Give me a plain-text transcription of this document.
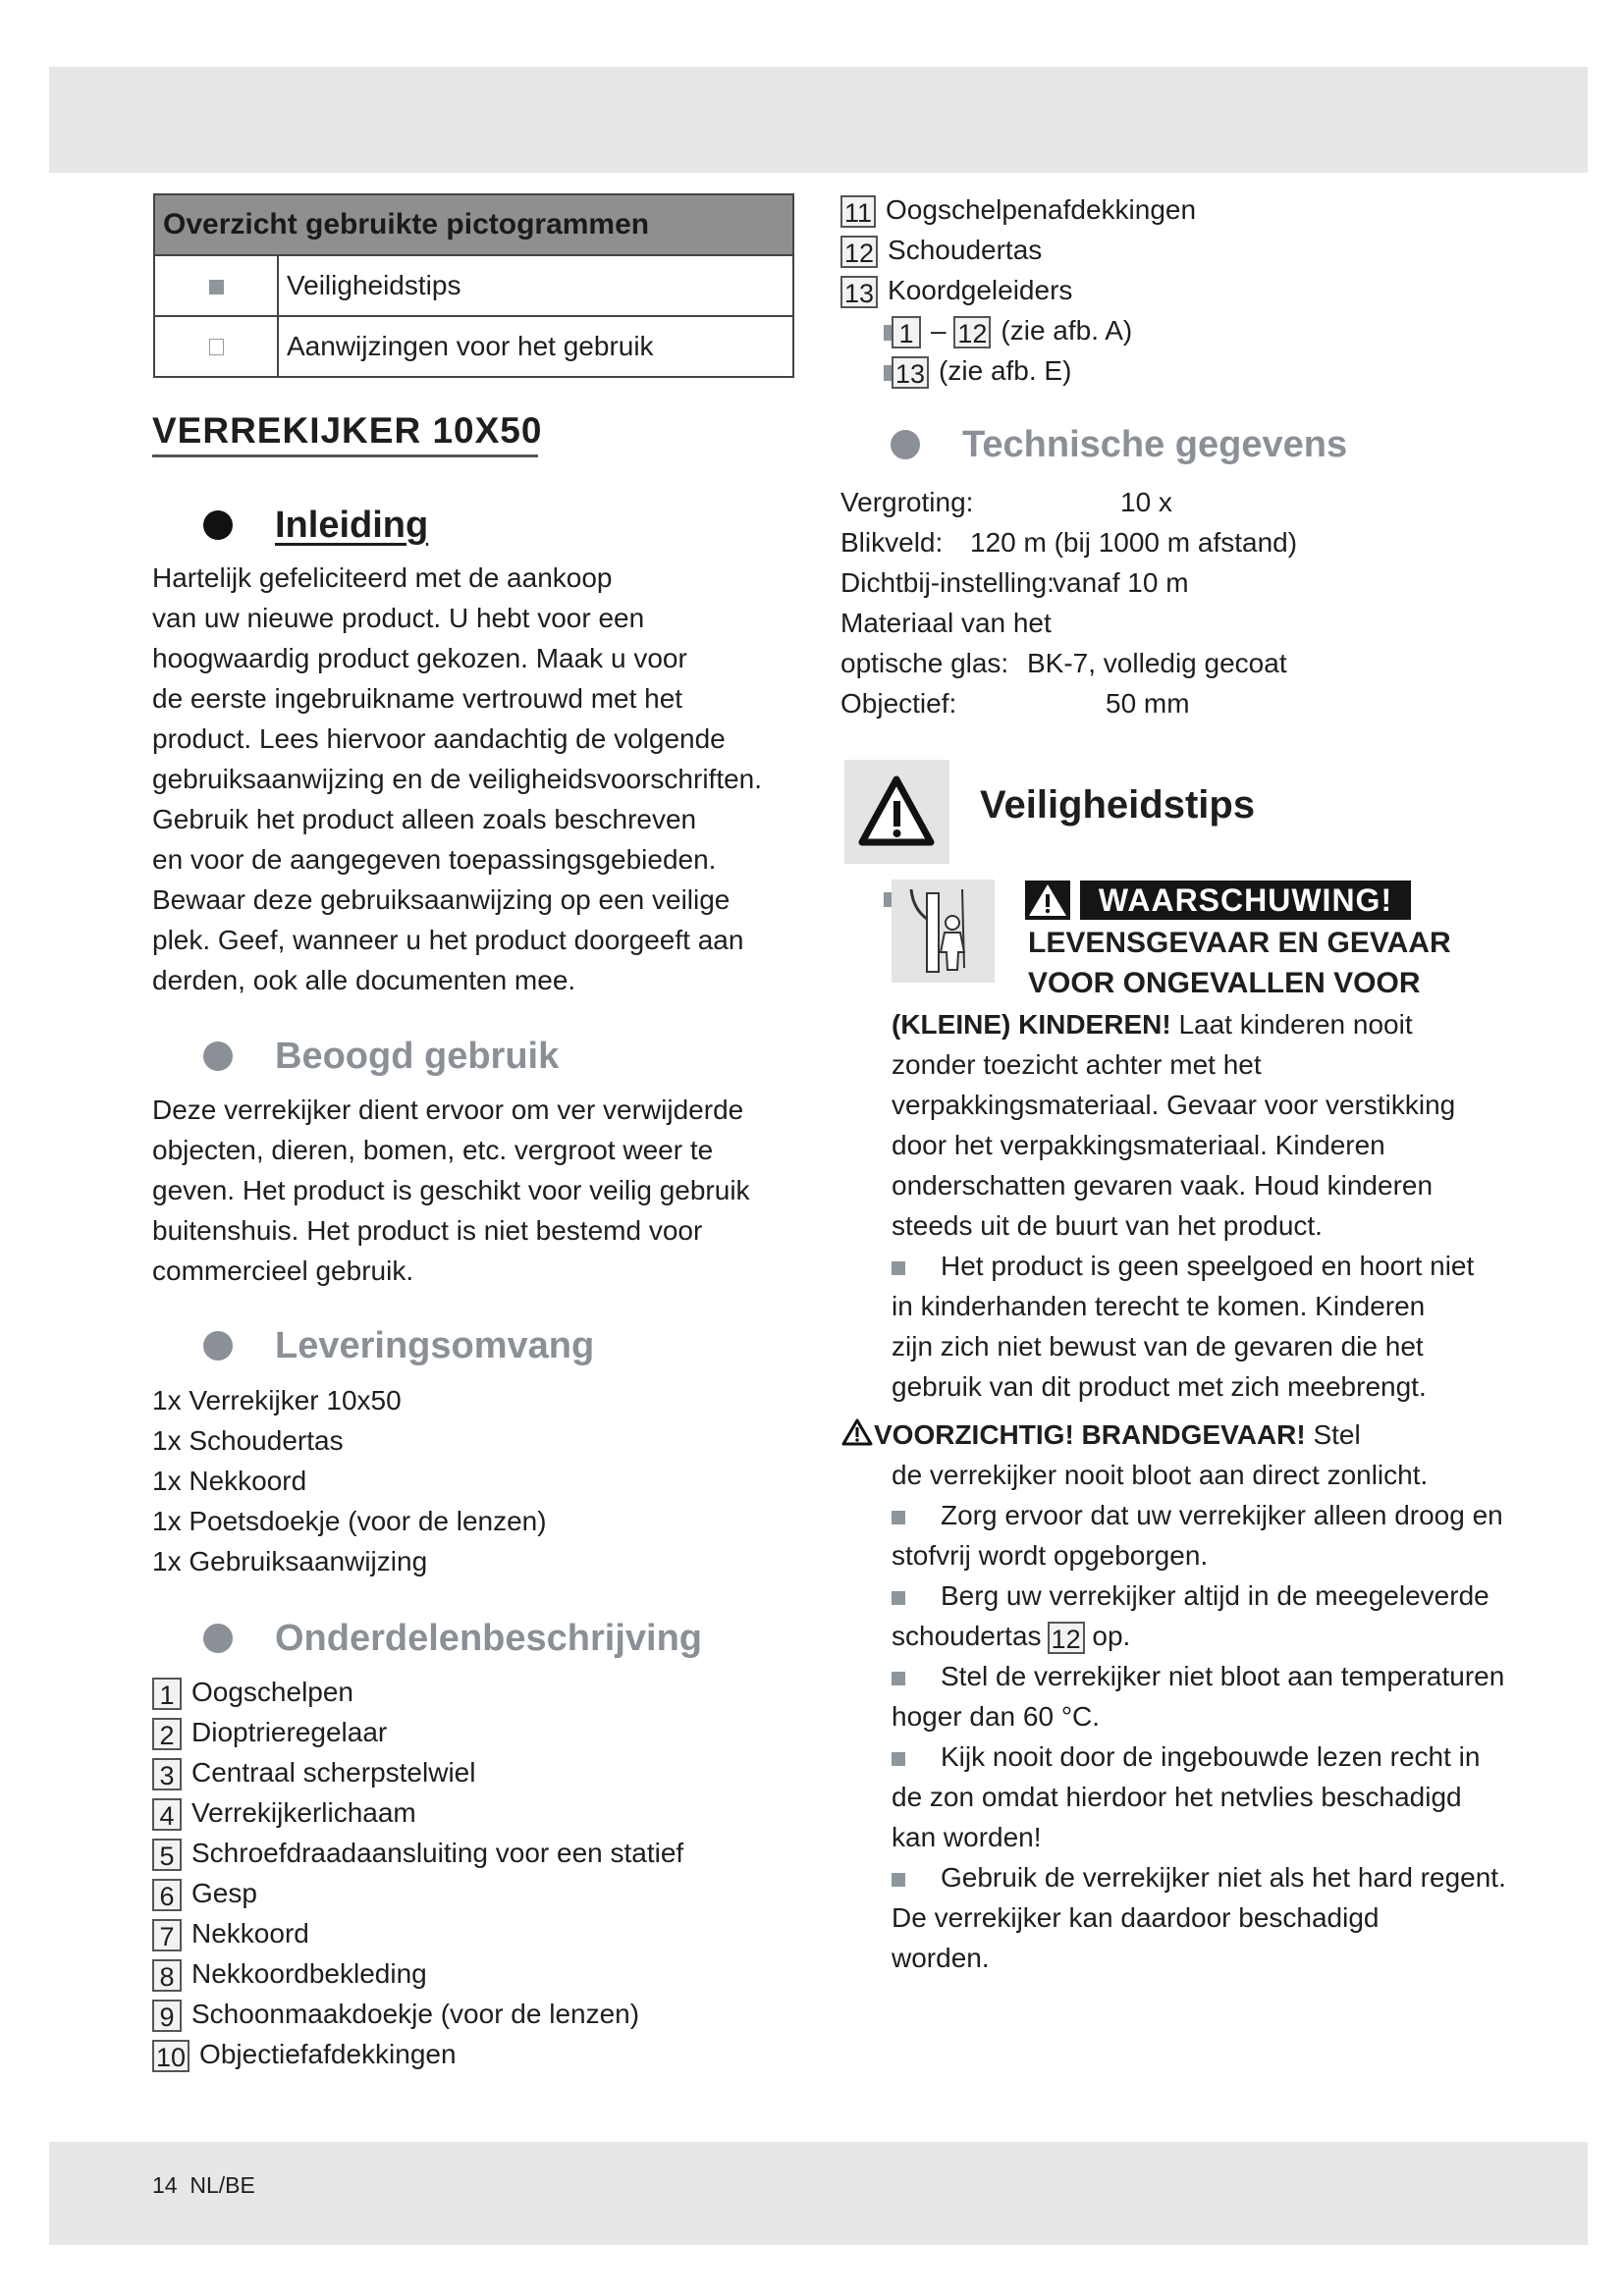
Overzicht gebruikte pictogrammen	
	Veiligheidstips
	Aanwijzingen voor het gebruik
VERREKIJKER 10X50
Inleiding
Hartelijk gefeliciteerd met de aankoop
van uw nieuwe product. U hebt voor een
hoogwaardig product gekozen. Maak u voor
de eerste ingebruikname vertrouwd met het
product. Lees hiervoor aandachtig de volgende
gebruiksaanwijzing en de veiligheidsvoorschriften.
Gebruik het product alleen zoals beschreven
en voor de aangegeven toepassingsgebieden.
Bewaar deze gebruiksaanwijzing op een veilige
plek. Geef, wanneer u het product doorgeeft aan
derden, ook alle documenten mee.
Beoogd gebruik
Deze verrekijker dient ervoor om ver verwijderde
objecten, dieren, bomen, etc. vergroot weer te
geven. Het product is geschikt voor veilig gebruik
buitenshuis. Het product is niet bestemd voor
commercieel gebruik.
Leveringsomvang
1x Verrekijker 10x50
1x Schoudertas
1x Nekkoord
1x Poetsdoekje (voor de lenzen)
1x Gebruiksaanwijzing
Onderdelenbeschrijving
1 Oogschelpen
2 Dioptrieregelaar
3 Centraal scherpstelwiel
4 Verrekijkerlichaam
5 Schroefdraadaansluiting voor een statief
6 Gesp
7 Nekkoord
8 Nekkoordbekleding
9 Schoonmaakdoekje (voor de lenzen)
10 Objectiefafdekkingen
11 Oogschelpenafdekkingen
12 Schoudertas
13 Koordgeleiders
1 – 12 (zie afb. A)
13 (zie afb. E)
Technische gegevens
Vergroting:	10 x
Blikveld: 120 m (bij 1000 m afstand)
Dichtbij-instelling:
vanaf 10 m
Materiaal van het
optische glas: BK-7, volledig gecoat
Objectief:	50 mm
Veiligheidstips
WAARSCHUWING!
LEVENSGEVAAR EN GEVAAR
VOOR ONGEVALLEN VOOR
(KLEINE) KINDEREN! Laat kinderen nooit
zonder toezicht achter met het
verpakkingsmateriaal. Gevaar voor verstikking
door het verpakkingsmateriaal. Kinderen
onderschatten gevaren vaak. Houd kinderen
steeds uit de buurt van het product.
Het product is geen speelgoed en hoort niet
in kinderhanden terecht te komen. Kinderen
zijn zich niet bewust van de gevaren die het
gebruik van dit product met zich meebrengt.
VOORZICHTIG! BRANDGEVAAR! Stel
de verrekijker nooit bloot aan direct zonlicht.
Zorg ervoor dat uw verrekijker alleen droog en
stofvrij wordt opgeborgen.
Berg uw verrekijker altijd in de meegeleverde
schoudertas 12 op.
Stel de verrekijker niet bloot aan temperaturen
hoger dan 60 °C.
Kijk nooit door de ingebouwde lezen recht in
de zon omdat hierdoor het netvlies beschadigd
kan worden!
Gebruik de verrekijker niet als het hard regent.
De verrekijker kan daardoor beschadigd
worden.
14 NL/BE
